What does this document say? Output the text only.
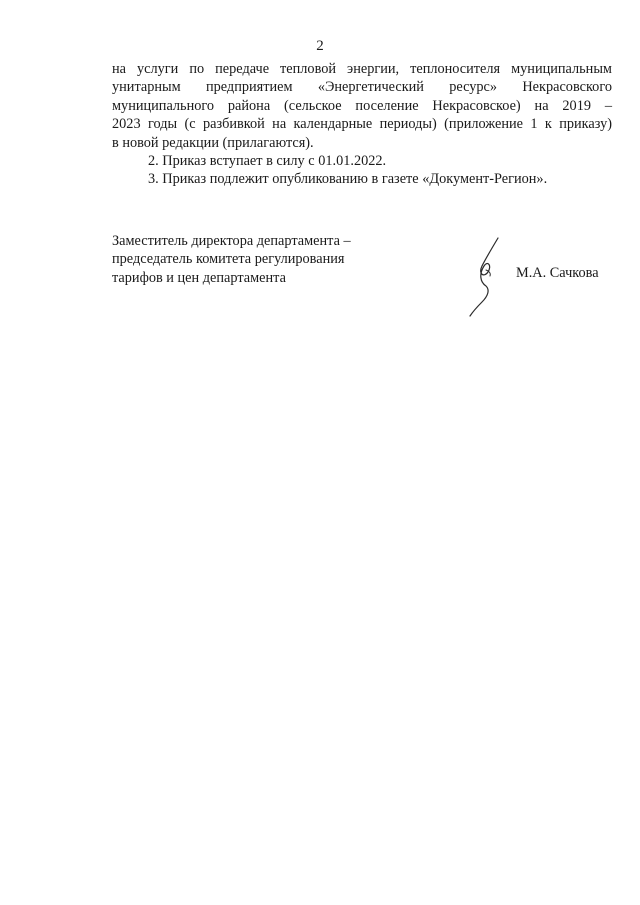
2

на услуги по передаче тепловой энергии, теплоносителя муниципальным
унитарным предприятием «Энергетический ресурс» Некрасовского
муниципального района (сельское поселение Некрасовское) на 2019 –
2023 годы (с разбивкой на календарные периоды) (приложение 1 к приказу)
в новой редакции (прилагаются).

2. Приказ вступает в силу с 01.01.2022.

3. Приказ подлежит опубликованию в газете «Документ-Регион».

Заместитель директора департамента –
председатель комитета регулирования
тарифов и цен департамента	М.А. Сачкова
